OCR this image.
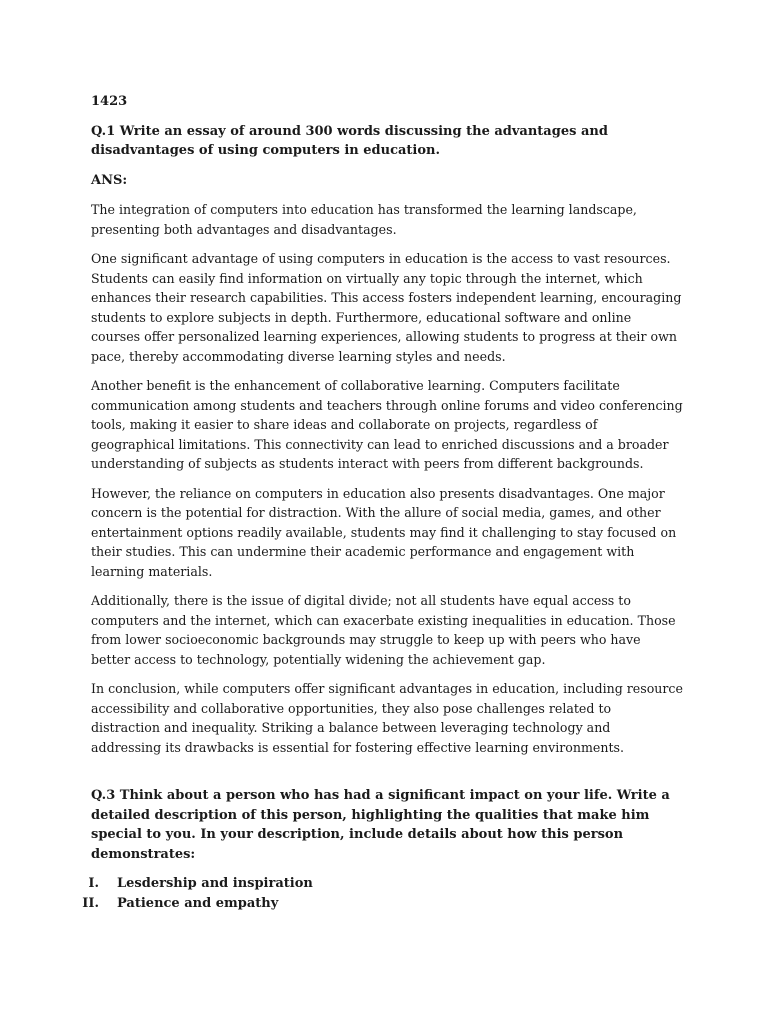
1423
Q.1 Write an essay of around 300 words discussing the advantages and disadvantages of using computers in education.
ANS:

The integration of computers into education has transformed the learning landscape, presenting both advantages and disadvantages.

One significant advantage of using computers in education is the access to vast resources. Students can easily find information on virtually any topic through the internet, which enhances their research capabilities. This access fosters independent learning, encouraging students to explore subjects in depth. Furthermore, educational software and online courses offer personalized learning experiences, allowing students to progress at their own pace, thereby accommodating diverse learning styles and needs.

Another benefit is the enhancement of collaborative learning. Computers facilitate communication among students and teachers through online forums and video conferencing tools, making it easier to share ideas and collaborate on projects, regardless of geographical limitations. This connectivity can lead to enriched discussions and a broader understanding of subjects as students interact with peers from different backgrounds.

However, the reliance on computers in education also presents disadvantages. One major concern is the potential for distraction. With the allure of social media, games, and other entertainment options readily available, students may find it challenging to stay focused on their studies. This can undermine their academic performance and engagement with learning materials.

Additionally, there is the issue of digital divide; not all students have equal access to computers and the internet, which can exacerbate existing inequalities in education. Those from lower socioeconomic backgrounds may struggle to keep up with peers who have better access to technology, potentially widening the achievement gap.

In conclusion, while computers offer significant advantages in education, including resource accessibility and collaborative opportunities, they also pose challenges related to distraction and inequality. Striking a balance between leveraging technology and addressing its drawbacks is essential for fostering effective learning environments.

Q.3 Think about a person who has had a significant impact on your life. Write a detailed description of this person, highlighting the qualities that make him special to you. In your description, include details about how this person demonstrates:
I.	Lesdership and inspiration
II.	Patience and empathy
